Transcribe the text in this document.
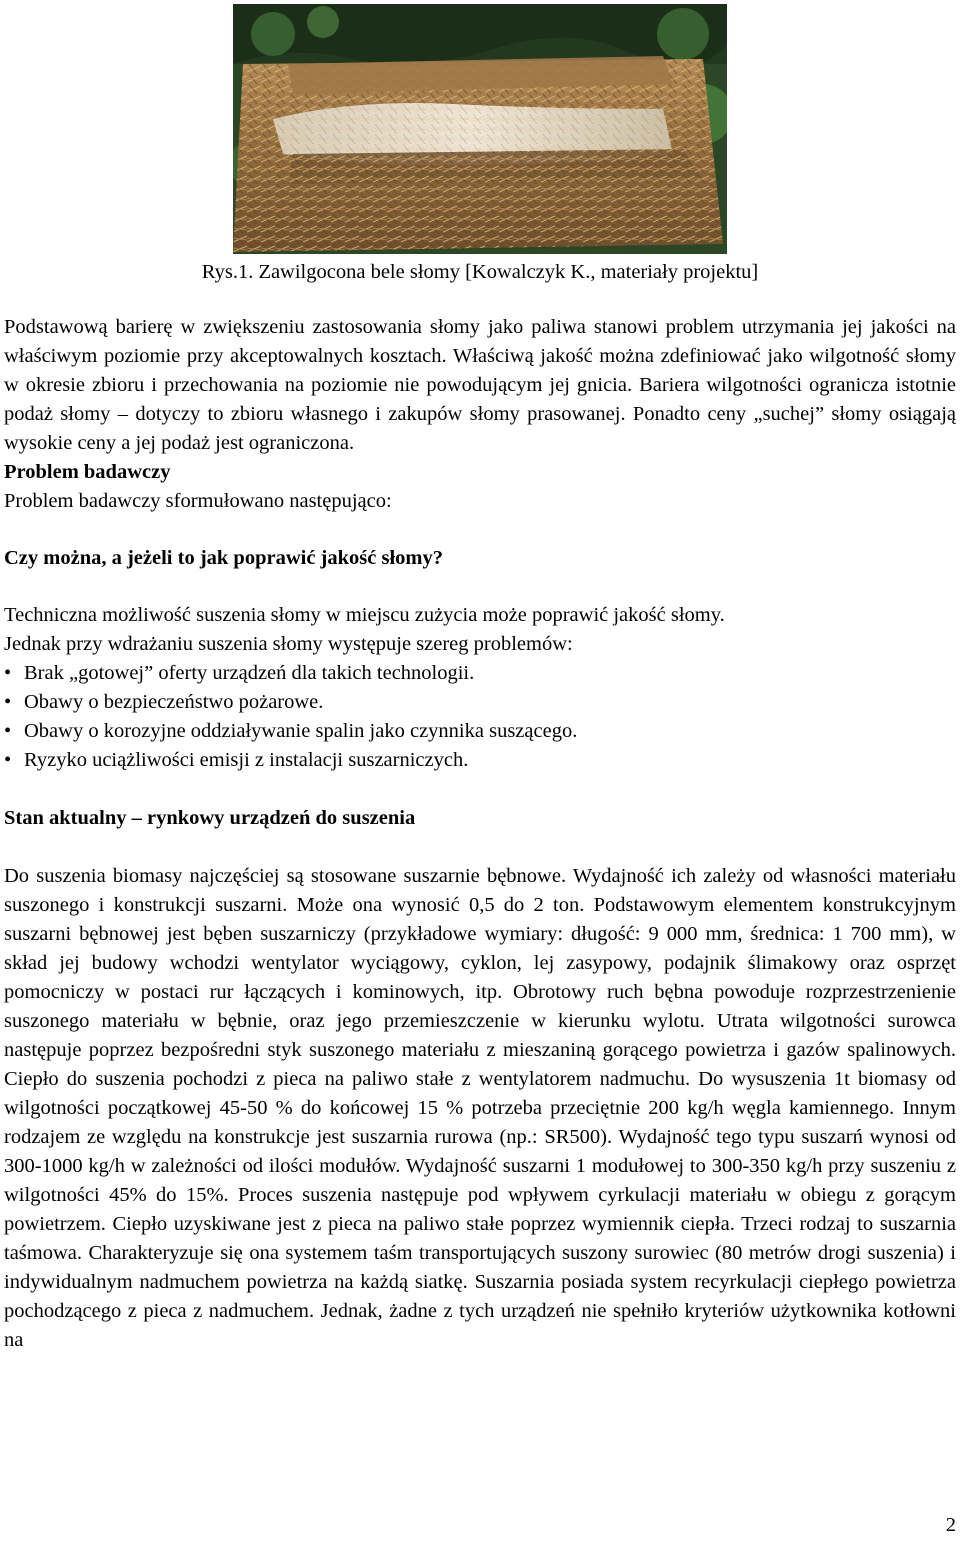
Rys.1. Zawilgocona bele słomy [Kowalczyk K., materiały projektu]

Podstawową barierę w zwiększeniu zastosowania słomy jako paliwa stanowi problem utrzymania jej jakości na właściwym poziomie przy akceptowalnych kosztach. Właściwą jakość można zdefiniować jako wilgotność słomy w okresie zbioru i przechowania na poziomie nie powodującym jej gnicia. Bariera wilgotności ogranicza istotnie podaż słomy – dotyczy to zbioru własnego i zakupów słomy prasowanej. Ponadto ceny „suchej” słomy osiągają wysokie ceny a jej podaż jest ograniczona.

Problem badawczy

Problem badawczy sformułowano następująco:

Czy można, a jeżeli to jak poprawić jakość słomy?

Techniczna możliwość suszenia słomy w miejscu zużycia może poprawić jakość słomy.

Jednak przy wdrażaniu suszenia słomy występuje szereg problemów:

• Brak „gotowej” oferty urządzeń dla takich technologii.
• Obawy o bezpieczeństwo pożarowe.
• Obawy o korozyjne oddziaływanie spalin jako czynnika suszącego.
• Ryzyko uciążliwości emisji z instalacji suszarniczych.

Stan aktualny – rynkowy urządzeń do suszenia

Do suszenia biomasy najczęściej są stosowane suszarnie bębnowe. Wydajność ich zależy od własności materiału suszonego i konstrukcji suszarni. Może ona wynosić 0,5 do 2 ton. Podstawowym elementem konstrukcyjnym suszarni bębnowej jest bęben suszarniczy (przykładowe wymiary: długość: 9 000 mm, średnica: 1 700 mm), w skład jej budowy wchodzi wentylator wyciągowy, cyklon, lej zasypowy, podajnik ślimakowy oraz osprzęt pomocniczy w postaci rur łączących i kominowych, itp. Obrotowy ruch bębna powoduje rozprzestrzenienie suszonego materiału w bębnie, oraz jego przemieszczenie w kierunku wylotu. Utrata wilgotności surowca następuje poprzez bezpośredni styk suszonego materiału z mieszaniną gorącego powietrza i gazów spalinowych. Ciepło do suszenia pochodzi z pieca na paliwo stałe z wentylatorem nadmuchu. Do wysuszenia 1t biomasy od wilgotności początkowej 45-50 % do końcowej 15 % potrzeba przeciętnie 200 kg/h węgla kamiennego. Innym rodzajem ze względu na konstrukcje jest suszarnia rurowa (np.: SR500). Wydajność tego typu suszarń wynosi od 300-1000 kg/h w zależności od ilości modułów. Wydajność suszarni 1 modułowej to 300-350 kg/h przy suszeniu z wilgotności 45% do 15%. Proces suszenia następuje pod wpływem cyrkulacji materiału w obiegu z gorącym powietrzem. Ciepło uzyskiwane jest z pieca na paliwo stałe poprzez wymiennik ciepła. Trzeci rodzaj to suszarnia taśmowa. Charakteryzuje się ona systemem taśm transportujących suszony surowiec (80 metrów drogi suszenia) i indywidualnym nadmuchem powietrza na każdą siatkę. Suszarnia posiada system recyrkulacji ciepłego powietrza pochodzącego z pieca z nadmuchem. Jednak, żadne z tych urządzeń nie spełniło kryteriów użytkownika kotłowni na

2
